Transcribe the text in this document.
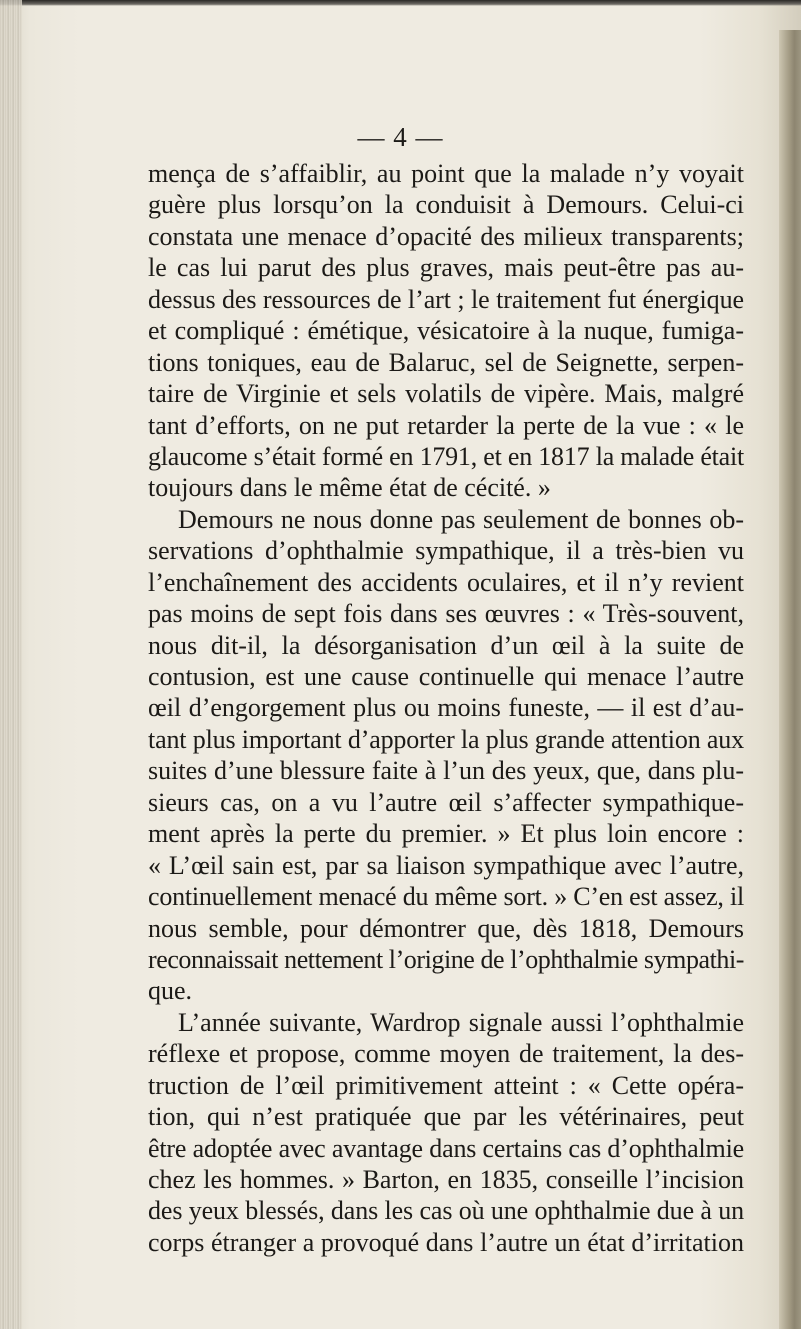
— 4 —
mença de s’affaiblir, au point que la malade n’y voyait
guère plus lorsqu’on la conduisit à Demours. Celui-ci
constata une menace d’opacité des milieux transparents;
le cas lui parut des plus graves, mais peut-être pas au-
dessus des ressources de l’art ; le traitement fut énergique
et compliqué : émétique, vésicatoire à la nuque, fumiga-
tions toniques, eau de Balaruc, sel de Seignette, serpen-
taire de Virginie et sels volatils de vipère. Mais, malgré
tant d’efforts, on ne put retarder la perte de la vue : « le
glaucome s’était formé en 1791, et en 1817 la malade était
toujours dans le même état de cécité. »
Demours ne nous donne pas seulement de bonnes ob-
servations d’ophthalmie sympathique, il a très-bien vu
l’enchaînement des accidents oculaires, et il n’y revient
pas moins de sept fois dans ses œuvres : « Très-souvent,
nous dit-il, la désorganisation d’un œil à la suite de
contusion, est une cause continuelle qui menace l’autre
œil d’engorgement plus ou moins funeste, — il est d’au-
tant plus important d’apporter la plus grande attention aux
suites d’une blessure faite à l’un des yeux, que, dans plu-
sieurs cas, on a vu l’autre œil s’affecter sympathique-
ment après la perte du premier. » Et plus loin encore :
« L’œil sain est, par sa liaison sympathique avec l’autre,
continuellement menacé du même sort. » C’en est assez, il
nous semble, pour démontrer que, dès 1818, Demours
reconnaissait nettement l’origine de l’ophthalmie sympathi-
que.
L’année suivante, Wardrop signale aussi l’ophthalmie
réflexe et propose, comme moyen de traitement, la des-
truction de l’œil primitivement atteint : « Cette opéra-
tion, qui n’est pratiquée que par les vétérinaires, peut
être adoptée avec avantage dans certains cas d’ophthalmie
chez les hommes. » Barton, en 1835, conseille l’incision
des yeux blessés, dans les cas où une ophthalmie due à un
corps étranger a provoqué dans l’autre un état d’irritation
